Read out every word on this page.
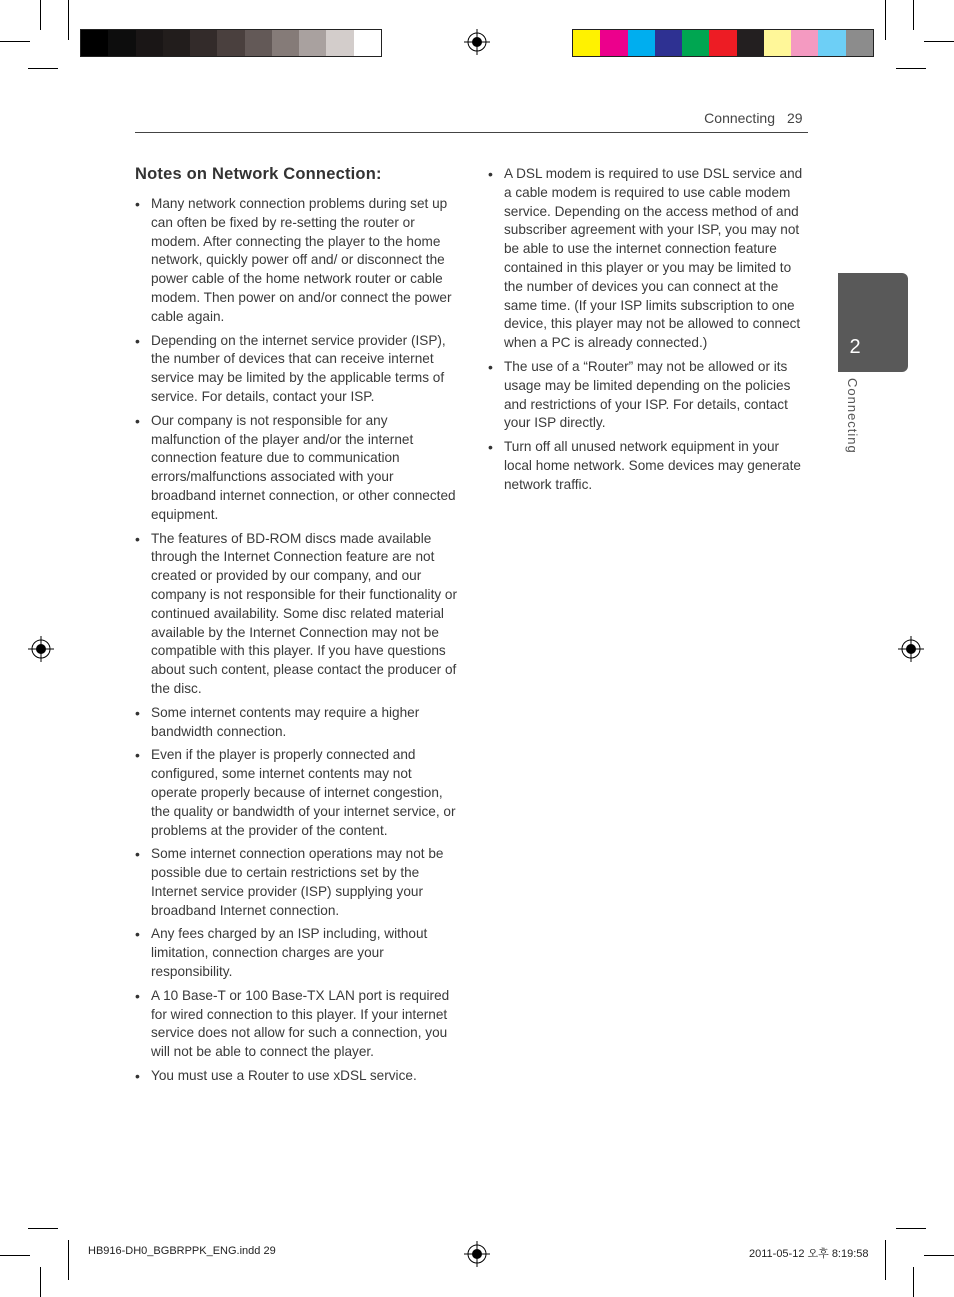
Connecting 29
2
Connecting
Notes on Network Connection:
• Many network connection problems during set up can often be fixed by re-setting the router or modem. After connecting the player to the home network, quickly power off and/ or disconnect the power cable of the home network router or cable modem. Then power on and/or connect the power cable again.
• Depending on the internet service provider (ISP), the number of devices that can receive internet service may be limited by the applicable terms of service. For details, contact your ISP.
• Our company is not responsible for any malfunction of the player and/or the internet connection feature due to communication errors/malfunctions associated with your broadband internet connection, or other connected equipment.
• The features of BD-ROM discs made available through the Internet Connection feature are not created or provided by our company, and our company is not responsible for their functionality or continued availability. Some disc related material available by the Internet Connection may not be compatible with this player. If you have questions about such content, please contact the producer of the disc.
• Some internet contents may require a higher bandwidth connection.
• Even if the player is properly connected and configured, some internet contents may not operate properly because of internet congestion, the quality or bandwidth of your internet service, or problems at the provider of the content.
• Some internet connection operations may not be possible due to certain restrictions set by the Internet service provider (ISP) supplying your broadband Internet connection.
• Any fees charged by an ISP including, without limitation, connection charges are your responsibility.
• A 10 Base-T or 100 Base-TX LAN port is required for wired connection to this player. If your internet service does not allow for such a connection, you will not be able to connect the player.
• You must use a Router to use xDSL service.
• A DSL modem is required to use DSL service and a cable modem is required to use cable modem service. Depending on the access method of and subscriber agreement with your ISP, you may not be able to use the internet connection feature contained in this player or you may be limited to the number of devices you can connect at the same time. (If your ISP limits subscription to one device, this player may not be allowed to connect when a PC is already connected.)
• The use of a “Router” may not be allowed or its usage may be limited depending on the policies and restrictions of your ISP. For details, contact your ISP directly.
• Turn off all unused network equipment in your local home network. Some devices may generate network traffic.
HB916-DH0_BGBRPPK_ENG.indd 29	2011-05-12 오후 8:19:58
